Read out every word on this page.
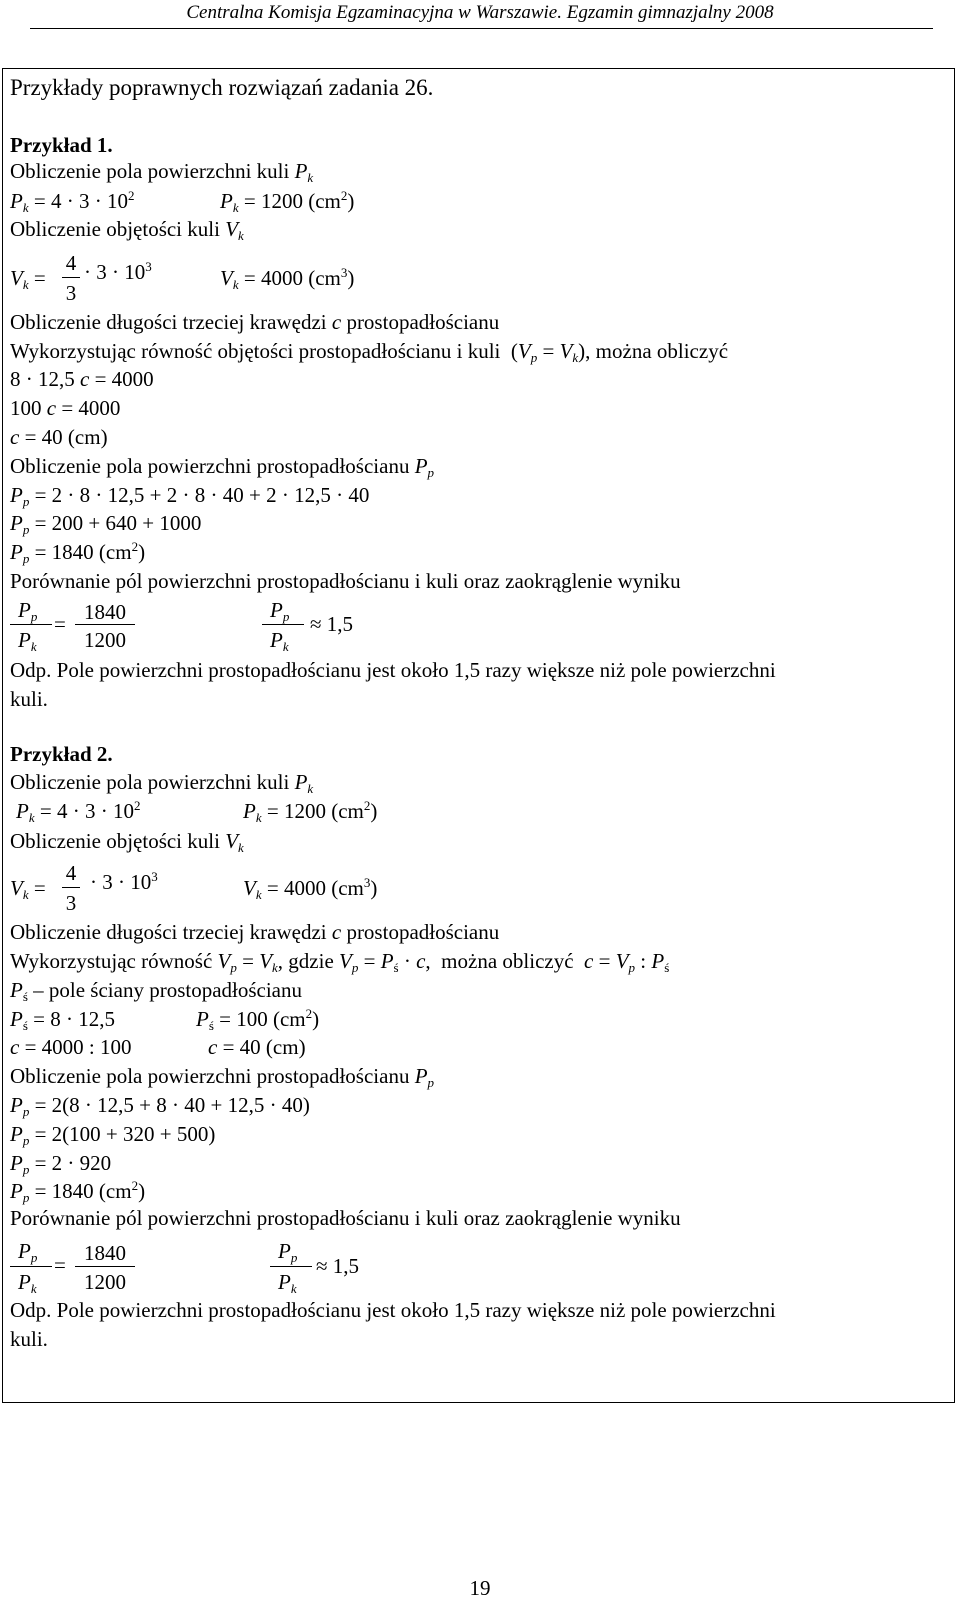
Centralna Komisja Egzaminacyjna w Warszawie. Egzamin gimnazjalny 2008
Przykłady poprawnych rozwiązań zadania 26.
Przykład 1.
Obliczenie pola powierzchni kuli $P_k$
$P_k = 4 \cdot 3 \cdot 10^2$	$P_k = 1200$ $(cm^2)$
Obliczenie objętości kuli $V_k$
$V_k$ =
4
3
· $3 \cdot 10^3$	$V_k = 4000$ $(cm^3)$
Obliczenie długości trzeciej krawędzi c prostopadłościanu
Wykorzystując równość objętości prostopadłościanu i kuli  $(V_p = V_k)$, można obliczyć
8 · 12,5 c = 4000
100 c = 4000
c = 40 (cm)
Obliczenie pola powierzchni prostopadłościanu $P_p$
$P_p = 2 \cdot 8 \cdot 12,5 + 2 \cdot 8 \cdot 40 + 2 \cdot 12,5 \cdot 40$
$P_p = 200 + 640 + 1000$
$P_p = 1840$ $(cm^2)$
Porównanie pól powierzchni prostopadłościanu i kuli oraz zaokrąglenie wyniku
$P_p$
$P_k$
= 1840
1200
$P_p$
$P_k$
≈ 1,5
Odp. Pole powierzchni prostopadłościanu jest około 1,5 razy większe niż pole powierzchni
kuli.
Przykład 2.
Obliczenie pola powierzchni kuli $P_k$
$P_k = 4 \cdot 3 \cdot 10^2$	$P_k = 1200$ $(cm^2)$
Obliczenie objętości kuli $V_k$
$V_k$ =
4
3
· $3 \cdot 10^3$	$V_k = 4000$ $(cm^3)$
Obliczenie długości trzeciej krawędzi c prostopadłościanu
Wykorzystując równość $V_p = V_k$, gdzie $V_p = P_ś \cdot c$,  można obliczyć $c = V_p$ : $P_ś$
$P_ś$ – pole ściany prostopadłościanu
$P_ś = 8 \cdot 12,5$	$P_ś = 100$ $(cm^2)$
c = 4000 : 100	c = 40 (cm)
Obliczenie pola powierzchni prostopadłościanu $P_p$
$P_p = 2(8 \cdot 12,5 + 8 \cdot 40 + 12,5 \cdot 40)$
$P_p = 2(100 + 320 + 500)$
$P_p = 2 \cdot 920$
$P_p = 1840$ $(cm^2)$
Porównanie pól powierzchni prostopadłościanu i kuli oraz zaokrąglenie wyniku
$P_p$
$P_k$
= 1840
1200
$P_p$
$P_k$
≈ 1,5
Odp. Pole powierzchni prostopadłościanu jest około 1,5 razy większe niż pole powierzchni
kuli.
19
